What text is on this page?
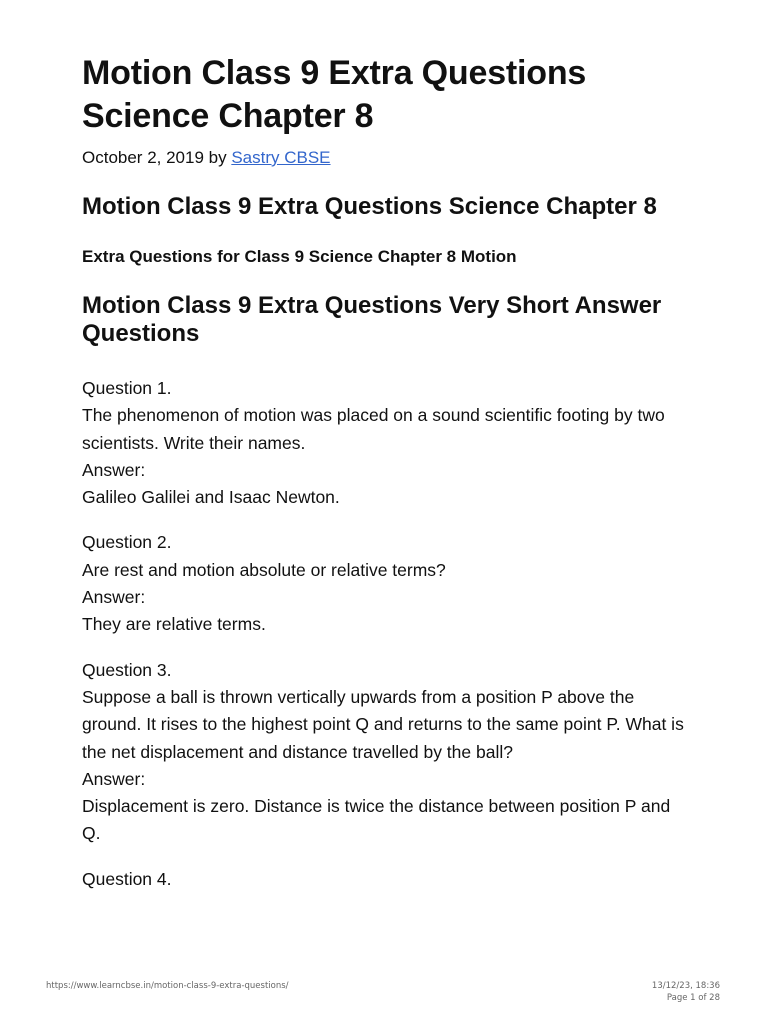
Motion Class 9 Extra Questions
Science Chapter 8
October 2, 2019 by Sastry CBSE
Motion Class 9 Extra Questions Science Chapter 8
Extra Questions for Class 9 Science Chapter 8 Motion
Motion Class 9 Extra Questions Very Short Answer Questions
Question 1.
The phenomenon of motion was placed on a sound scientific footing by two scientists. Write their names.
Answer:
Galileo Galilei and Isaac Newton.
Question 2.
Are rest and motion absolute or relative terms?
Answer:
They are relative terms.
Question 3.
Suppose a ball is thrown vertically upwards from a position P above the ground. It rises to the highest point Q and returns to the same point P. What is the net displacement and distance travelled by the ball?
Answer:
Displacement is zero. Distance is twice the distance between position P and Q.
Question 4.
https://www.learncbse.in/motion-class-9-extra-questions/	13/12/23, 18:36
Page 1 of 28
